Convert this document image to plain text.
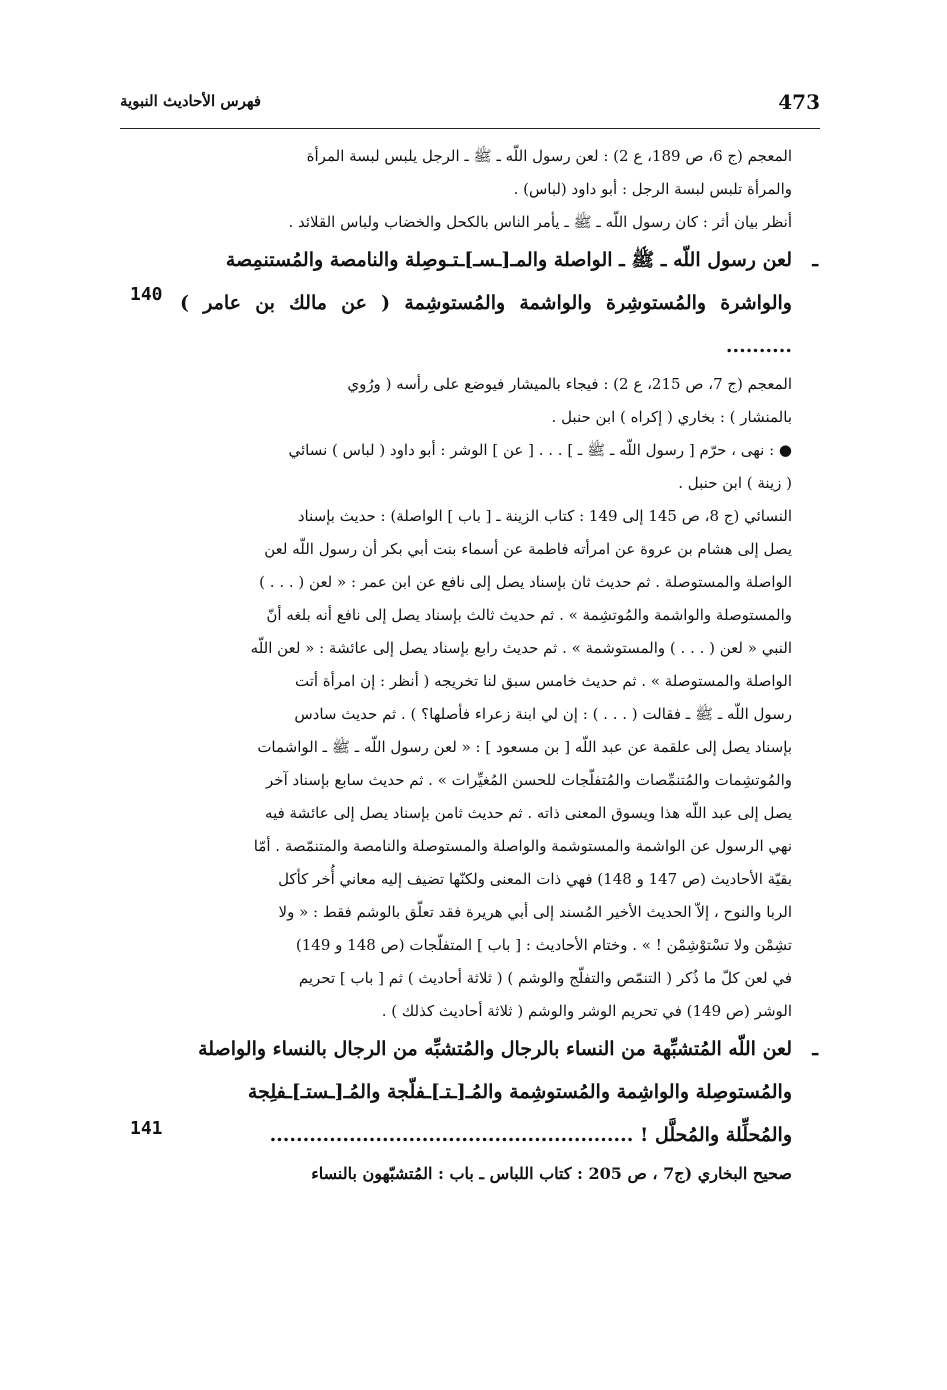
473
فهرس الأحاديث النبوية

المعجم (ج 6، ص 189، ع 2) : لعن رسول اللّه ـ ﷺ ـ الرجل يلبس لبسة المرأة

والمرأة تلبس لبسة الرجل : أبو داود (لباس) .

أنظر بيان أثر : كان رسول اللّه ـ ﷺ ـ يأمر الناس بالكحل والخضاب ولباس القلائد .

ـ
لعن رسول اللّه ـ ﷺ ـ الواصلة والمـ[ـسـ]ـتـوصِلة والنامصة والمُستنمِصة

والواشرة والمُستوشِرة والواشمة والمُستوشِمة ( عن مالك بن عامر ) ..........

140

المعجم (ج 7، ص 215، ع 2) : فيجاء بالميشار فيوضع على رأسه ( ورُوي

بالمنشار ) : بخاري ( إكراه ) ابن حنبل .

● : نهى ، حرّم [ رسول اللّه ـ ﷺ ـ ] . . . [ عن ] الوشر : أبو داود ( لباس ) نسائي

( زينة ) ابن حنبل .

النسائي (ج 8، ص 145 إلى 149 : كتاب الزينة ـ [ باب ] الواصلة) : حديث بإسناد

يصل إلى هشام بن عروة عن امرأته فاطمة عن أسماء بنت أبي بكر أن رسول اللّه لعن

الواصلة والمستوصلة . ثم حديث ثان بإسناد يصل إلى نافع عن ابن عمر : « لعن ( . . . )

والمستوصلة والواشمة والمُوتشِمة » . ثم حديث ثالث بإسناد يصل إلى نافع أنه بلغه أنّ

النبي « لعن ( . . . ) والمستوشمة » . ثم حديث رابع بإسناد يصل إلى عائشة : « لعن اللّه

الواصلة والمستوصلة » . ثم حديث خامس سبق لنا تخريجه ( أنظر : إن امرأة أتت

رسول اللّه ـ ﷺ ـ فقالت ( . . . ) : إن لي ابنة زعراء فأصلها؟ ) . ثم حديث سادس

بإسناد يصل إلى علقمة عن عبد اللّه [ بن مسعود ] : « لعن رسول اللّه ـ ﷺ ـ الواشمات

والمُوتشِمات والمُتنمِّصات والمُتفلّجات للحسن المُغيِّرات » . ثم حديث سابع بإسناد آخر

يصل إلى عبد اللّه هذا ويسوق المعنى ذاته . ثم حديث ثامن بإسناد يصل إلى عائشة فيه

نهي الرسول عن الواشمة والمستوشمة والواصلة والمستوصلة والنامصة والمتنمّصة . أمّا

بقيّة الأحاديث (ص 147 و 148) فهي ذات المعنى ولكنّها تضيف إليه معاني أُخر كأكل

الربا والنوح ، إلاّ الحديث الأخير المُسند إلى أبي هريرة فقد تعلّق بالوشم فقط : « ولا

تشِمْن ولا تسْتوْشِمْن ! » . وختام الأحاديث : [ باب ] المتفلّجات (ص 148 و 149)

في لعن كلّ ما ذُكر ( التنمّص والتفلّج والوشم ) ( ثلاثة أحاديث ) ثم [ باب ] تحريم

الوشر (ص 149) في تحريم الوشر والوشم ( ثلاثة أحاديث كذلك ) .

ـ
لعن اللّه المُتشبِّهة من النساء بالرجال والمُتشبِّه من الرجال بالنساء والواصلة

والمُستوصِلة والواشِمة والمُستوشِمة والمُـ[ـتـ]ـفلّجة والمُـ[ـستـ]ـفلِجة

والمُحلِّلة والمُحلَّل ! .......................................................

141

صحيح البخاري (ج7 ، ص 205 : كتاب اللباس ـ باب : المُتشبّهون بالنساء
